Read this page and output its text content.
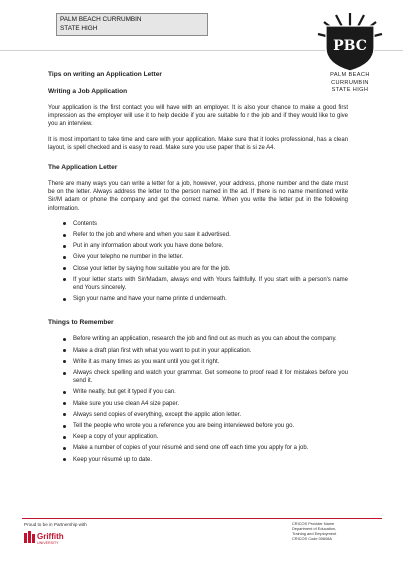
PALM BEACH CURRUMBIN
STATE HIGH
PBC
PALM BEACH
CURRUMBIN
STATE HIGH
Tips on writing an Application Letter
Writing a Job Application

Your application is the first contact you will have with an employer. It is also your chance to make a good first impression as the employer will use it to help decide if you are suitable fo r the job and if they would like to give you an interview.

It is most important to take time and care with your application. Make sure that it looks professional, has a clean layout, is spell checked and is easy to read. Make sure you use paper that is si ze A4.

The Application Letter

There are many ways you can write a letter for a job, however, your address, phone number and the date must be on the letter. Always address the letter to the person named in the ad. If there is no name mentioned write Sir/M adam or phone the company and get the correct name. When you write the letter put in the following information.

Contents
Refer to the job and where and when you saw it advertised.
Put in any information about work you have done before.
Give your telepho ne number in the letter.
Close your letter by saying how suitable you are for the job.
If your letter starts with Sir/Madam, always end with Yours faithfully. If you start with a person's name end Yours sincerely.
Sign your name and have your name printe d underneath.
Things to Remember
Before writing an application, research the job and find out as much as you can about the company.
Make a draft plan first with what you want to put in your application.
Write it as many times as you want until you get it right.
Always check spelling and watch your grammar. Get someone to proof read it for mistakes before you send it.
Write neatly, but get it typed if you can.
Make sure you use clean A4 size paper.
Always send copies of everything, except the applic ation letter.
Tell the people who wrote you a reference you are being interviewed before you go.
Keep a copy of your application.
Make a number of copies of your résumé and send one off each time you apply for a job.
Keep your résumé up to date.
Proud to be in Partnership with
Griffith
UNIVERSITY
CRICOS Provider Name
Department of Education,
Training and Employment
CRICOS Code 00608A
